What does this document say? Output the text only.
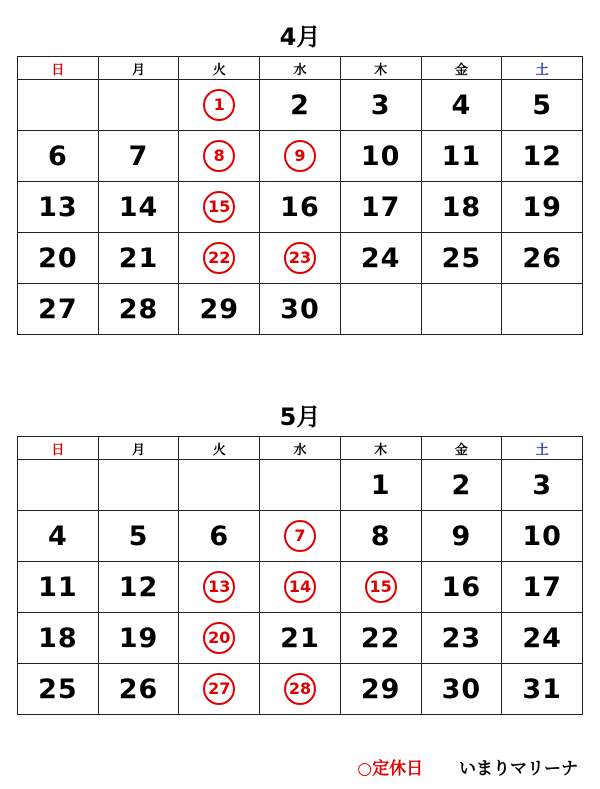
4月
日	月	火	水	木	金	土
		1	2	3	4	5
6	7	8	9	10	11	12
13	14	15	16	17	18	19
20	21	22	23	24	25	26
27	28	29	30			
5月
日	月	火	水	木	金	土
				1	2	3
4	5	6	7	8	9	10
11	12	13	14	15	16	17
18	19	20	21	22	23	24
25	26	27	28	29	30	31
○定休日 いまりマリーナ
